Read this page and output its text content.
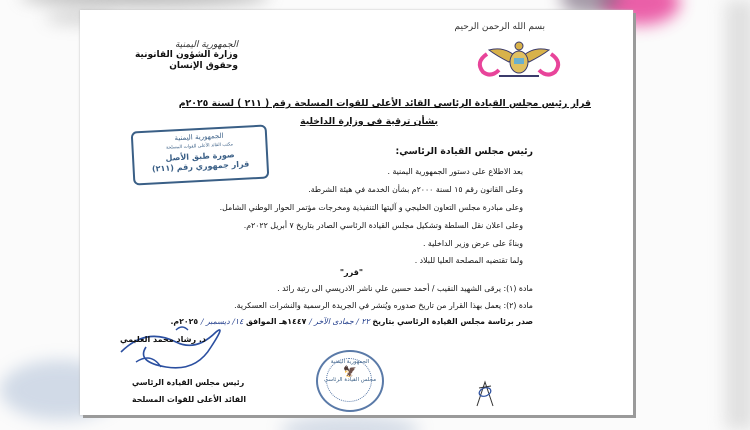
بسم الله الرحمن الرحيم
الجمهورية اليمنية
وزارة الشؤون القانونية
وحقوق الإنسان
قرار رئيس مجلس القيادة الرئاسي القائد الأعلى للقوات المسلحة رقم ( ٢١١ ) لسنة ٢٠٢٥م
بشأن ترقية في وزارة الداخلية
الجمهورية اليمنية
مكتب القائد الأعلى للقوات المسلحة
صورة طبق الأصل
قرار جمهوري رقم (٢١١)
رئيس مجلس القيادة الرئاسي:
بعد الاطلاع على دستور الجمهورية اليمنية .
وعلى القانون رقم ١٥ لسنة ٢٠٠٠م بشأن الخدمة في هيئة الشرطة.
وعلى مبادرة مجلس التعاون الخليجي و آليتها التنفيذية ومخرجات مؤتمر الحوار الوطني الشامل.
وعلى اعلان نقل السلطة وتشكيل مجلس القيادة الرئاسي الصادر بتاريخ ٧ أبريل ٢٠٢٢م.
وبناءً على عرض وزير الداخلية .
ولما تقتضيه المصلحة العليا للبلاد .
"قرر"
مادة (١): يرقى الشهيد النقيب / أحمد حسين علي ناشر الادريسي الى رتبة رائد .
مادة (٢): يعمل بهذا القرار من تاريخ صدوره ويُنشر في الجريدة الرسمية والنشرات العسكرية.
صدر برئاسة مجلس القيادة الرئاسي بتاريخ ٢٢ / جمادى الآخر / ١٤٤٧هـ الموافق ١٤/ ديسمبر / ٢٠٢٥م.
د. رشاد محمد العليمي
رئيس مجلس القيادة الرئاسي
القائد الأعلى للقوات المسلحة
الجمهورية اليمنية
🦅
مجلس القيادة الرئاسي
